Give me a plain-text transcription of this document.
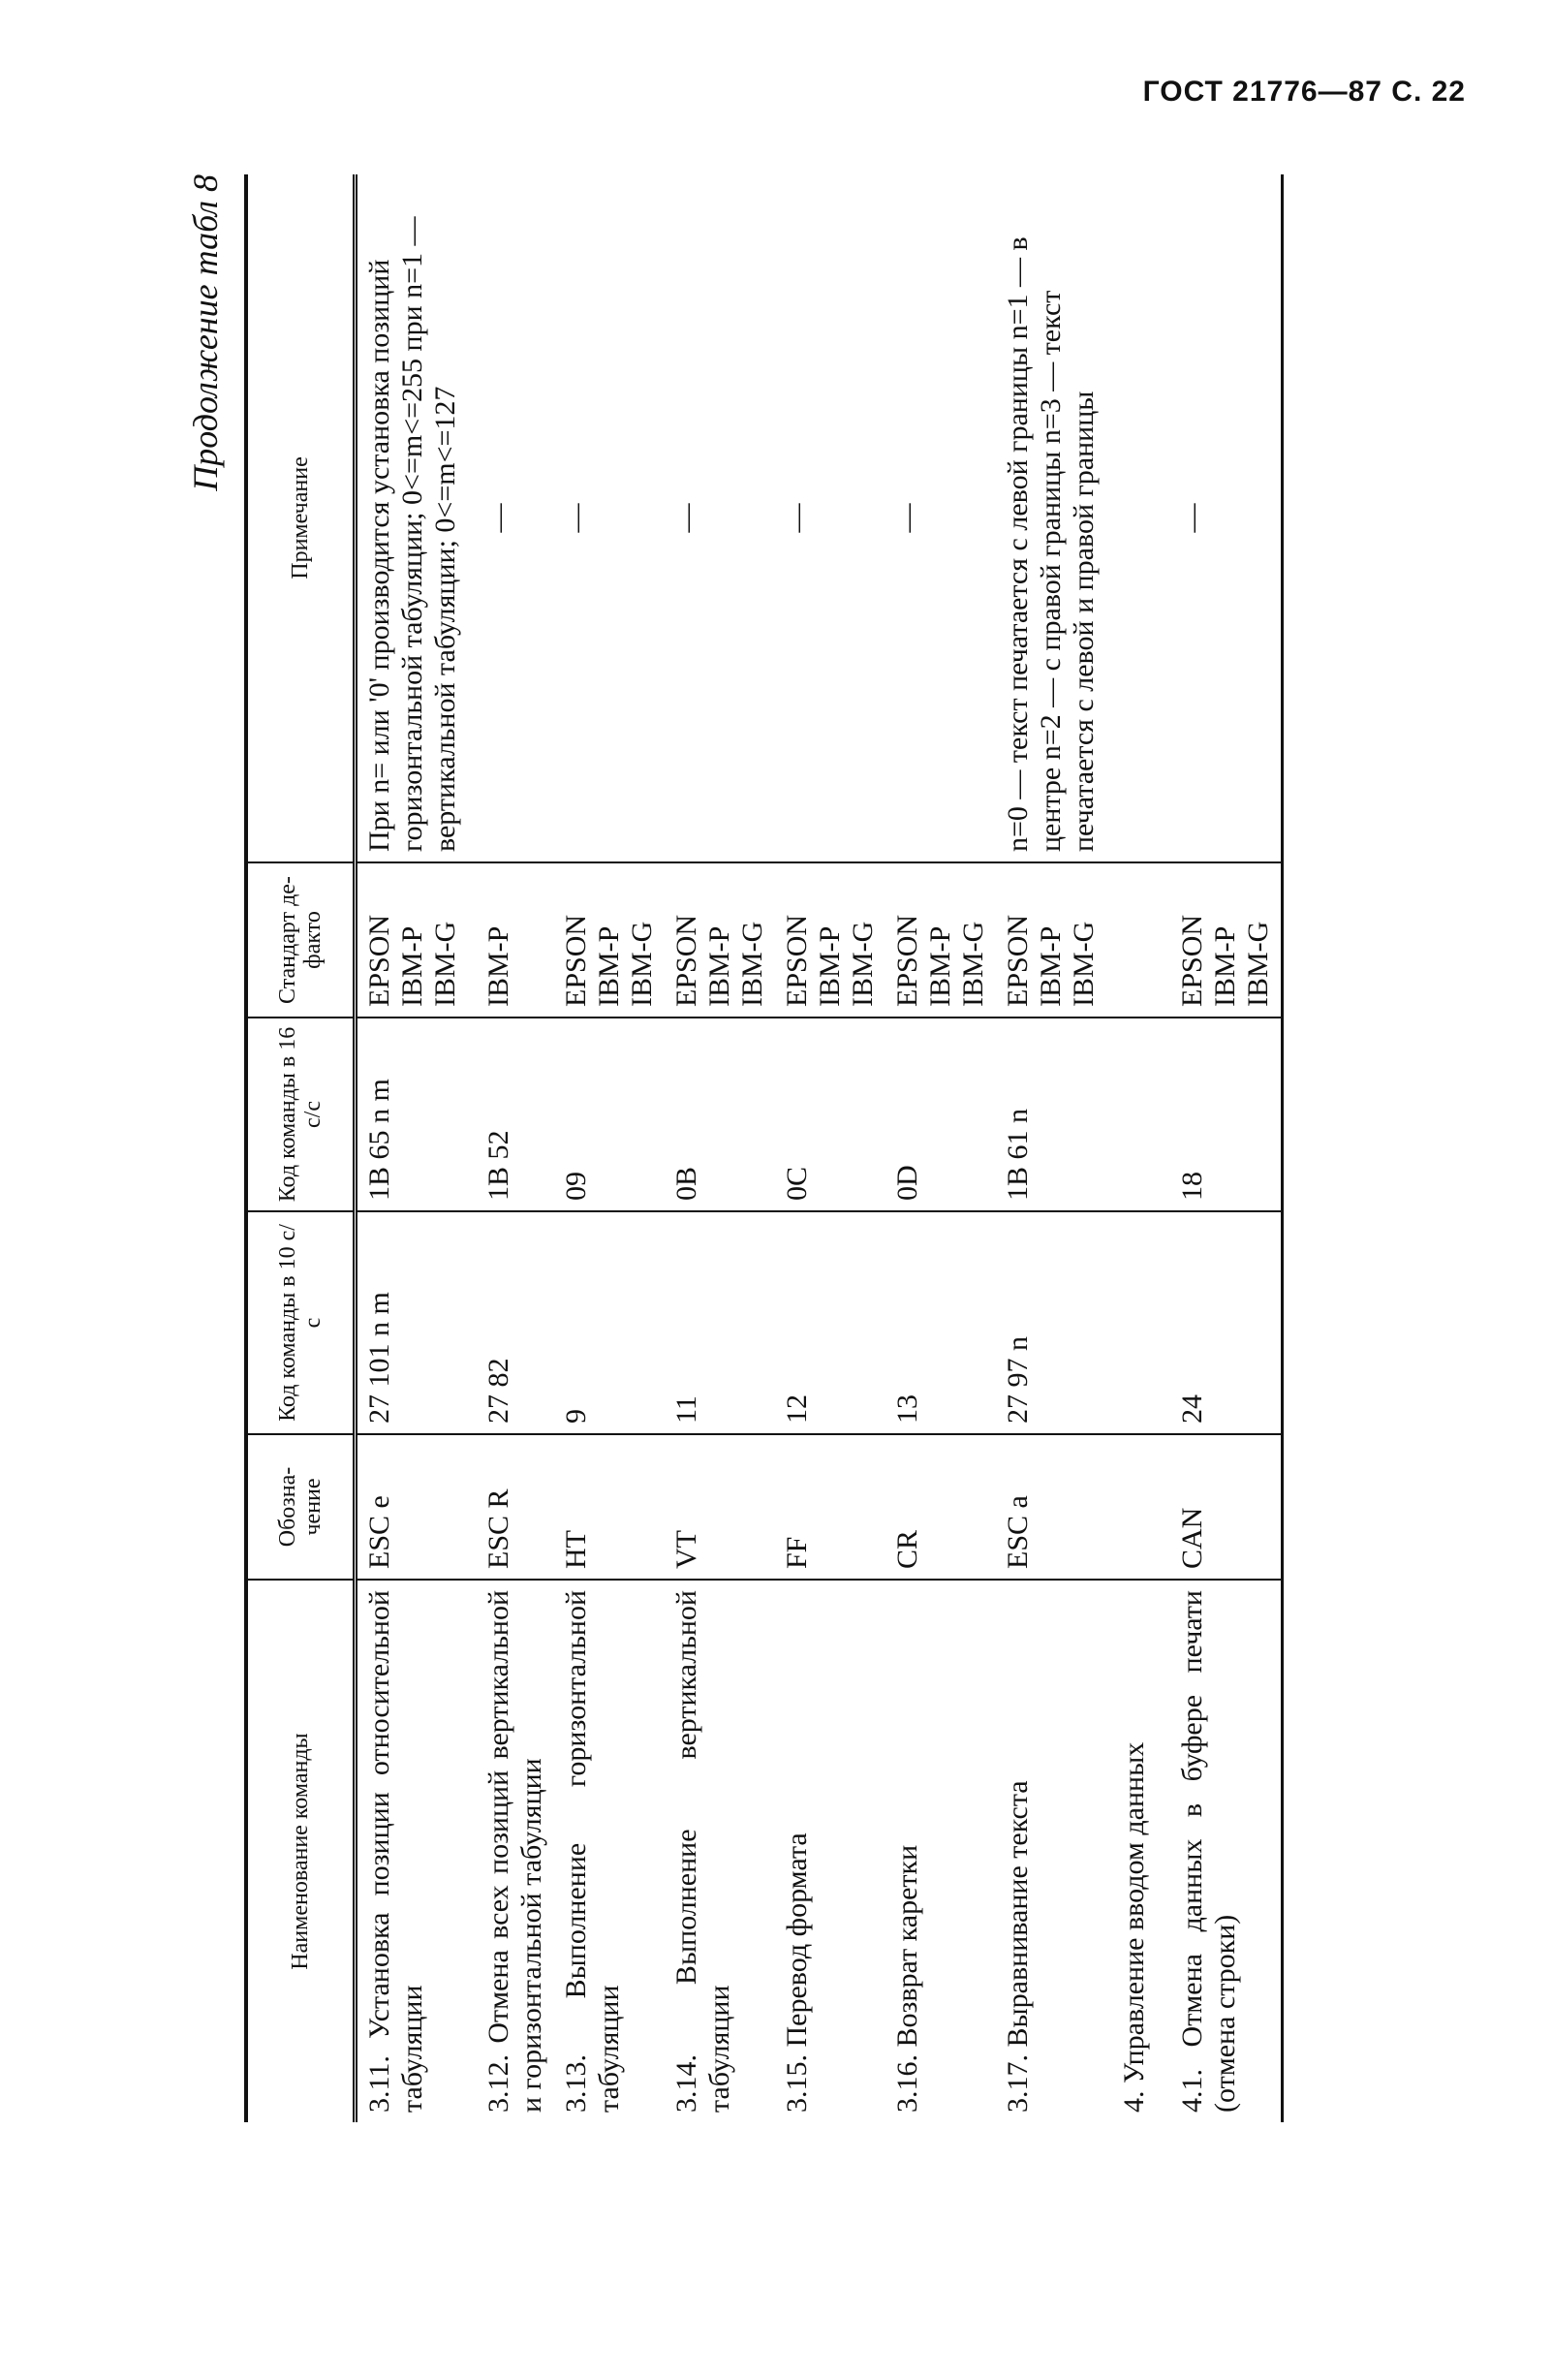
ГОСТ 21776—87 С. 22
Продолжение табл 8
Наименование команды	Обозна-чение	Код команды в 10 с/с	Код команды в 16 с/с	Стандарт де-факто	Примечание
3.11. Установка позиции относительной табуляции	ESC e	27 101 n m	1B 65 n m	EPSON IBM-P IBM-G	При n= или '0' производится установка позиций горизонтальной табуляции; 0<=m<=255 при n=1 — вертикальной табуляции; 0<=m<=127
3.12. Отмена всех позиций вертикальной и горизонтальной табуляции	ESC R	27 82	1B 52	IBM-P	—
3.13. Выполнение горизонтальной табуляции	HT	9	09	EPSON IBM-P IBM-G	—
3.14. Выполнение вертикальной табуляции	VT	11	0B	EPSON IBM-P IBM-G	—
3.15. Перевод формата	FF	12	0C	EPSON IBM-P IBM-G	—
3.16. Возврат каретки	CR	13	0D	EPSON IBM-P IBM-G	—
3.17. Выравнивание текста	ESC a	27 97 n	1B 61 n	EPSON IBM-P IBM-G	n=0 — текст печатается с левой границы n=1 — в центре n=2 — с правой границы n=3 — текст печатается с левой и правой границы
4. Управление вводом данных					
4.1. Отмена данных в буфере печати (отмена строки)	CAN	24	18	EPSON IBM-P IBM-G	—
